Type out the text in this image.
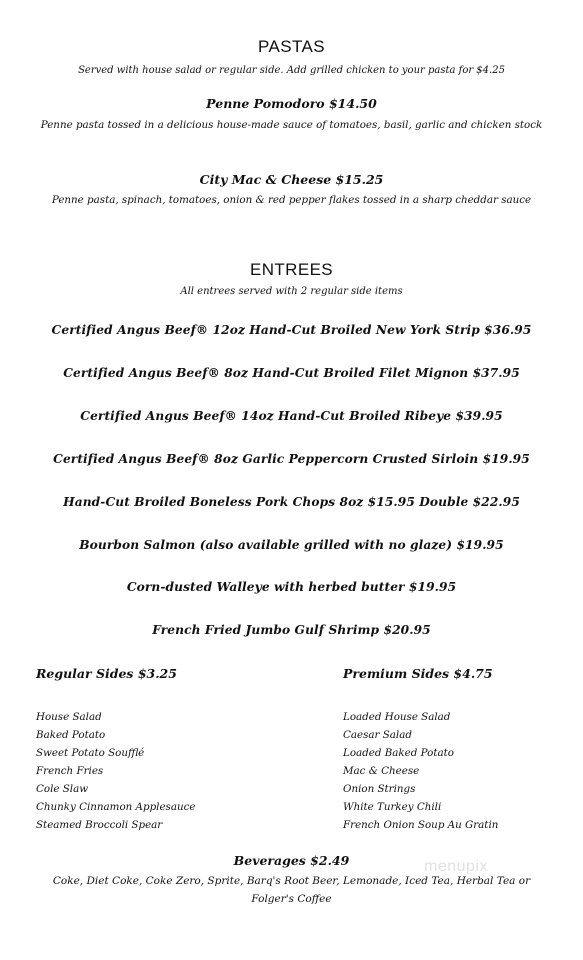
PASTAS
Served with house salad or regular side. Add grilled chicken to your pasta for $4.25
Penne Pomodoro $14.50
Penne pasta tossed in a delicious house-made sauce of tomatoes, basil, garlic and chicken stock
City Mac & Cheese $15.25
Penne pasta, spinach, tomatoes, onion & red pepper flakes tossed in a sharp cheddar sauce
ENTREES
All entrees served with 2 regular side items
Certified Angus Beef® 12oz Hand-Cut Broiled New York Strip $36.95
Certified Angus Beef® 8oz Hand-Cut Broiled Filet Mignon $37.95
Certified Angus Beef® 14oz Hand-Cut Broiled Ribeye $39.95
Certified Angus Beef® 8oz Garlic Peppercorn Crusted Sirloin $19.95
Hand-Cut Broiled Boneless Pork Chops 8oz $15.95 Double $22.95
Bourbon Salmon (also available grilled with no glaze) $19.95
Corn-dusted Walleye with herbed butter $19.95
French Fried Jumbo Gulf Shrimp $20.95
Regular Sides $3.25
House Salad
Baked Potato
Sweet Potato Soufflé
French Fries
Cole Slaw
Chunky Cinnamon Applesauce
Steamed Broccoli Spear
Premium Sides $4.75
Loaded House Salad
Caesar Salad
Loaded Baked Potato
Mac & Cheese
Onion Strings
White Turkey Chili
French Onion Soup Au Gratin
Beverages $2.49
Coke, Diet Coke, Coke Zero, Sprite, Barq's Root Beer, Lemonade, Iced Tea, Herbal Tea or Folger's Coffee
menupix
